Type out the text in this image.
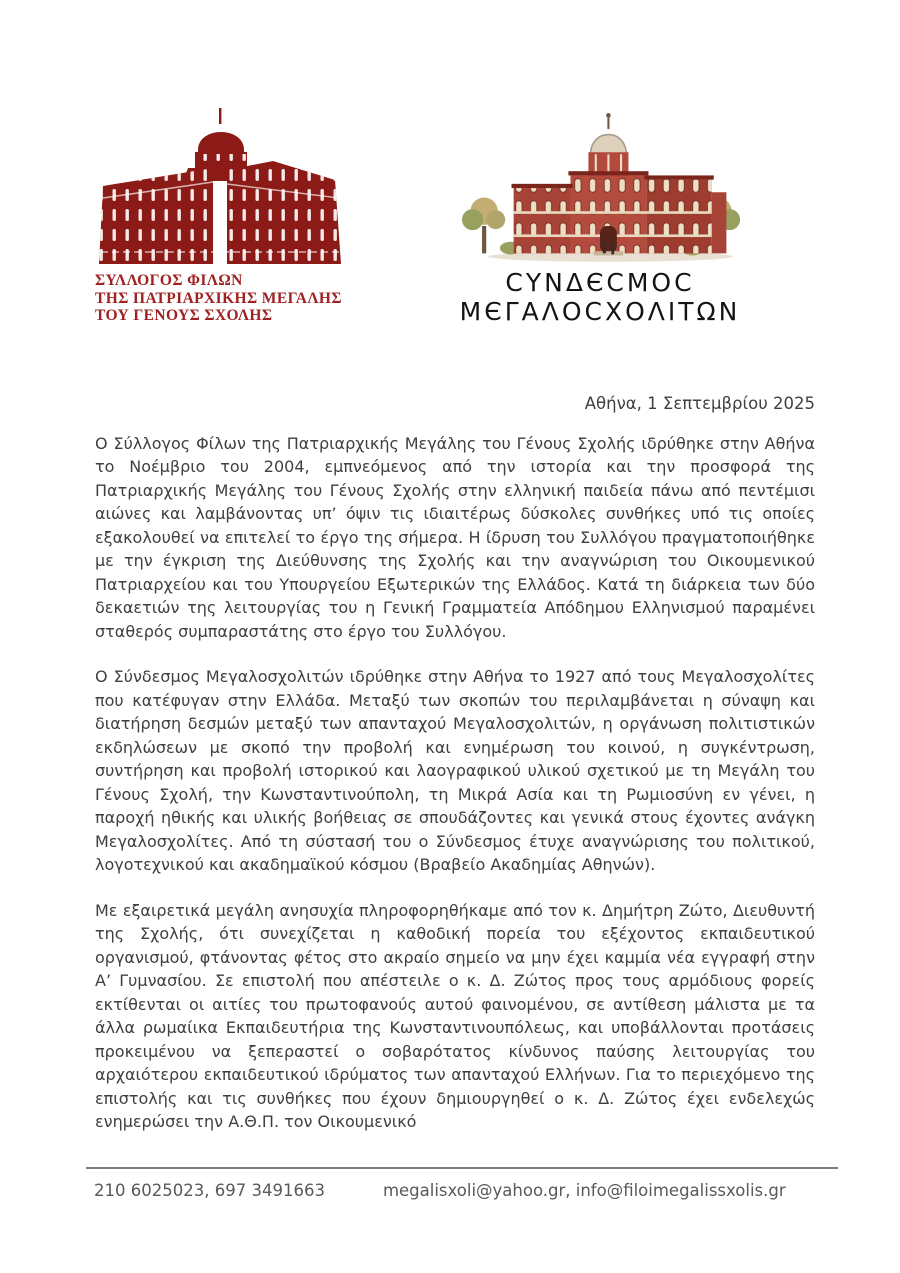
ΣΥΛΛΟΓΟΣ ΦΙΛΩΝ
ΤΗΣ ΠΑΤΡΙΑΡΧΙΚΗΣ ΜΕΓΑΛΗΣ
ΤΟΥ ΓΕΝΟΥΣ ΣΧΟΛΗΣ
CΥΝΔЄCΜΟC
ΜЄΓΑΛΟCΧΟΛΙΤΩΝ

Αθήνα, 1 Σεπτεμβρίου 2025

Ο Σύλλογος Φίλων της Πατριαρχικής Μεγάλης του Γένους Σχολής ιδρύθηκε στην Αθήνα το Νοέμβριο του 2004, εμπνεόμενος από την ιστορία και την προσφορά της Πατριαρχικής Μεγάλης του Γένους Σχολής στην ελληνική παιδεία πάνω από πεντέμισι αιώνες και λαμβάνοντας υπ’ όψιν τις ιδιαιτέρως δύσκολες συνθήκες υπό τις οποίες εξακολουθεί να επιτελεί το έργο της σήμερα. Η ίδρυση του Συλλόγου πραγματοποιήθηκε με την έγκριση της Διεύθυνσης της Σχολής και την αναγνώριση του Οικουμενικού Πατριαρχείου και του Υπουργείου Εξωτερικών της Ελλάδος. Κατά τη διάρκεια των δύο δεκαετιών της λειτουργίας του η Γενική Γραμματεία Απόδημου Ελληνισμού παραμένει σταθερός συμπαραστάτης στο έργο του Συλλόγου.

Ο Σύνδεσμος Μεγαλοσχολιτών ιδρύθηκε στην Αθήνα το 1927 από τους Μεγαλοσχολίτες που κατέφυγαν στην Ελλάδα. Μεταξύ των σκοπών του περιλαμβάνεται η σύναψη και διατήρηση δεσμών μεταξύ των απανταχού Μεγαλοσχολιτών, η οργάνωση πολιτιστικών εκδηλώσεων με σκοπό την προβολή και ενημέρωση του κοινού, η συγκέντρωση, συντήρηση και προβολή ιστορικού και λαογραφικού υλικού σχετικού με τη Μεγάλη του Γένους Σχολή, την Κωνσταντινούπολη, τη Μικρά Ασία και τη Ρωμιοσύνη εν γένει, η παροχή ηθικής και υλικής βοήθειας σε σπουδάζοντες και γενικά στους έχοντες ανάγκη Μεγαλοσχολίτες. Από τη σύστασή του ο Σύνδεσμος έτυχε αναγνώρισης του πολιτικού, λογοτεχνικού και ακαδημαϊκού κόσμου (Βραβείο Ακαδημίας Αθηνών).

Με εξαιρετικά μεγάλη ανησυχία πληροφορηθήκαμε από τον κ. Δημήτρη Ζώτο, Διευθυντή της Σχολής, ότι συνεχίζεται η καθοδική πορεία του εξέχοντος εκπαιδευτικού οργανισμού, φτάνοντας φέτος στο ακραίο σημείο να μην έχει καμμία νέα εγγραφή στην Α’ Γυμνασίου. Σε επιστολή που απέστειλε ο κ. Δ. Ζώτος προς τους αρμόδιους φορείς εκτίθενται οι αιτίες του πρωτοφανούς αυτού φαινομένου, σε αντίθεση μάλιστα με τα άλλα ρωμαίικα Εκπαιδευτήρια της Κωνσταντινουπόλεως, και υποβάλλονται προτάσεις προκειμένου να ξεπεραστεί ο σοβαρότατος κίνδυνος παύσης λειτουργίας του αρχαιότερου εκπαιδευτικού ιδρύματος των απανταχού Ελλήνων. Για το περιεχόμενο της επιστολής και τις συνθήκες που έχουν δημιουργηθεί ο κ. Δ. Ζώτος έχει ενδελεχώς ενημερώσει την Α.Θ.Π. τον Οικουμενικό

210 6025023, 697 3491663	megalisxoli@yahoo.gr, info@filoimegalissxolis.gr
